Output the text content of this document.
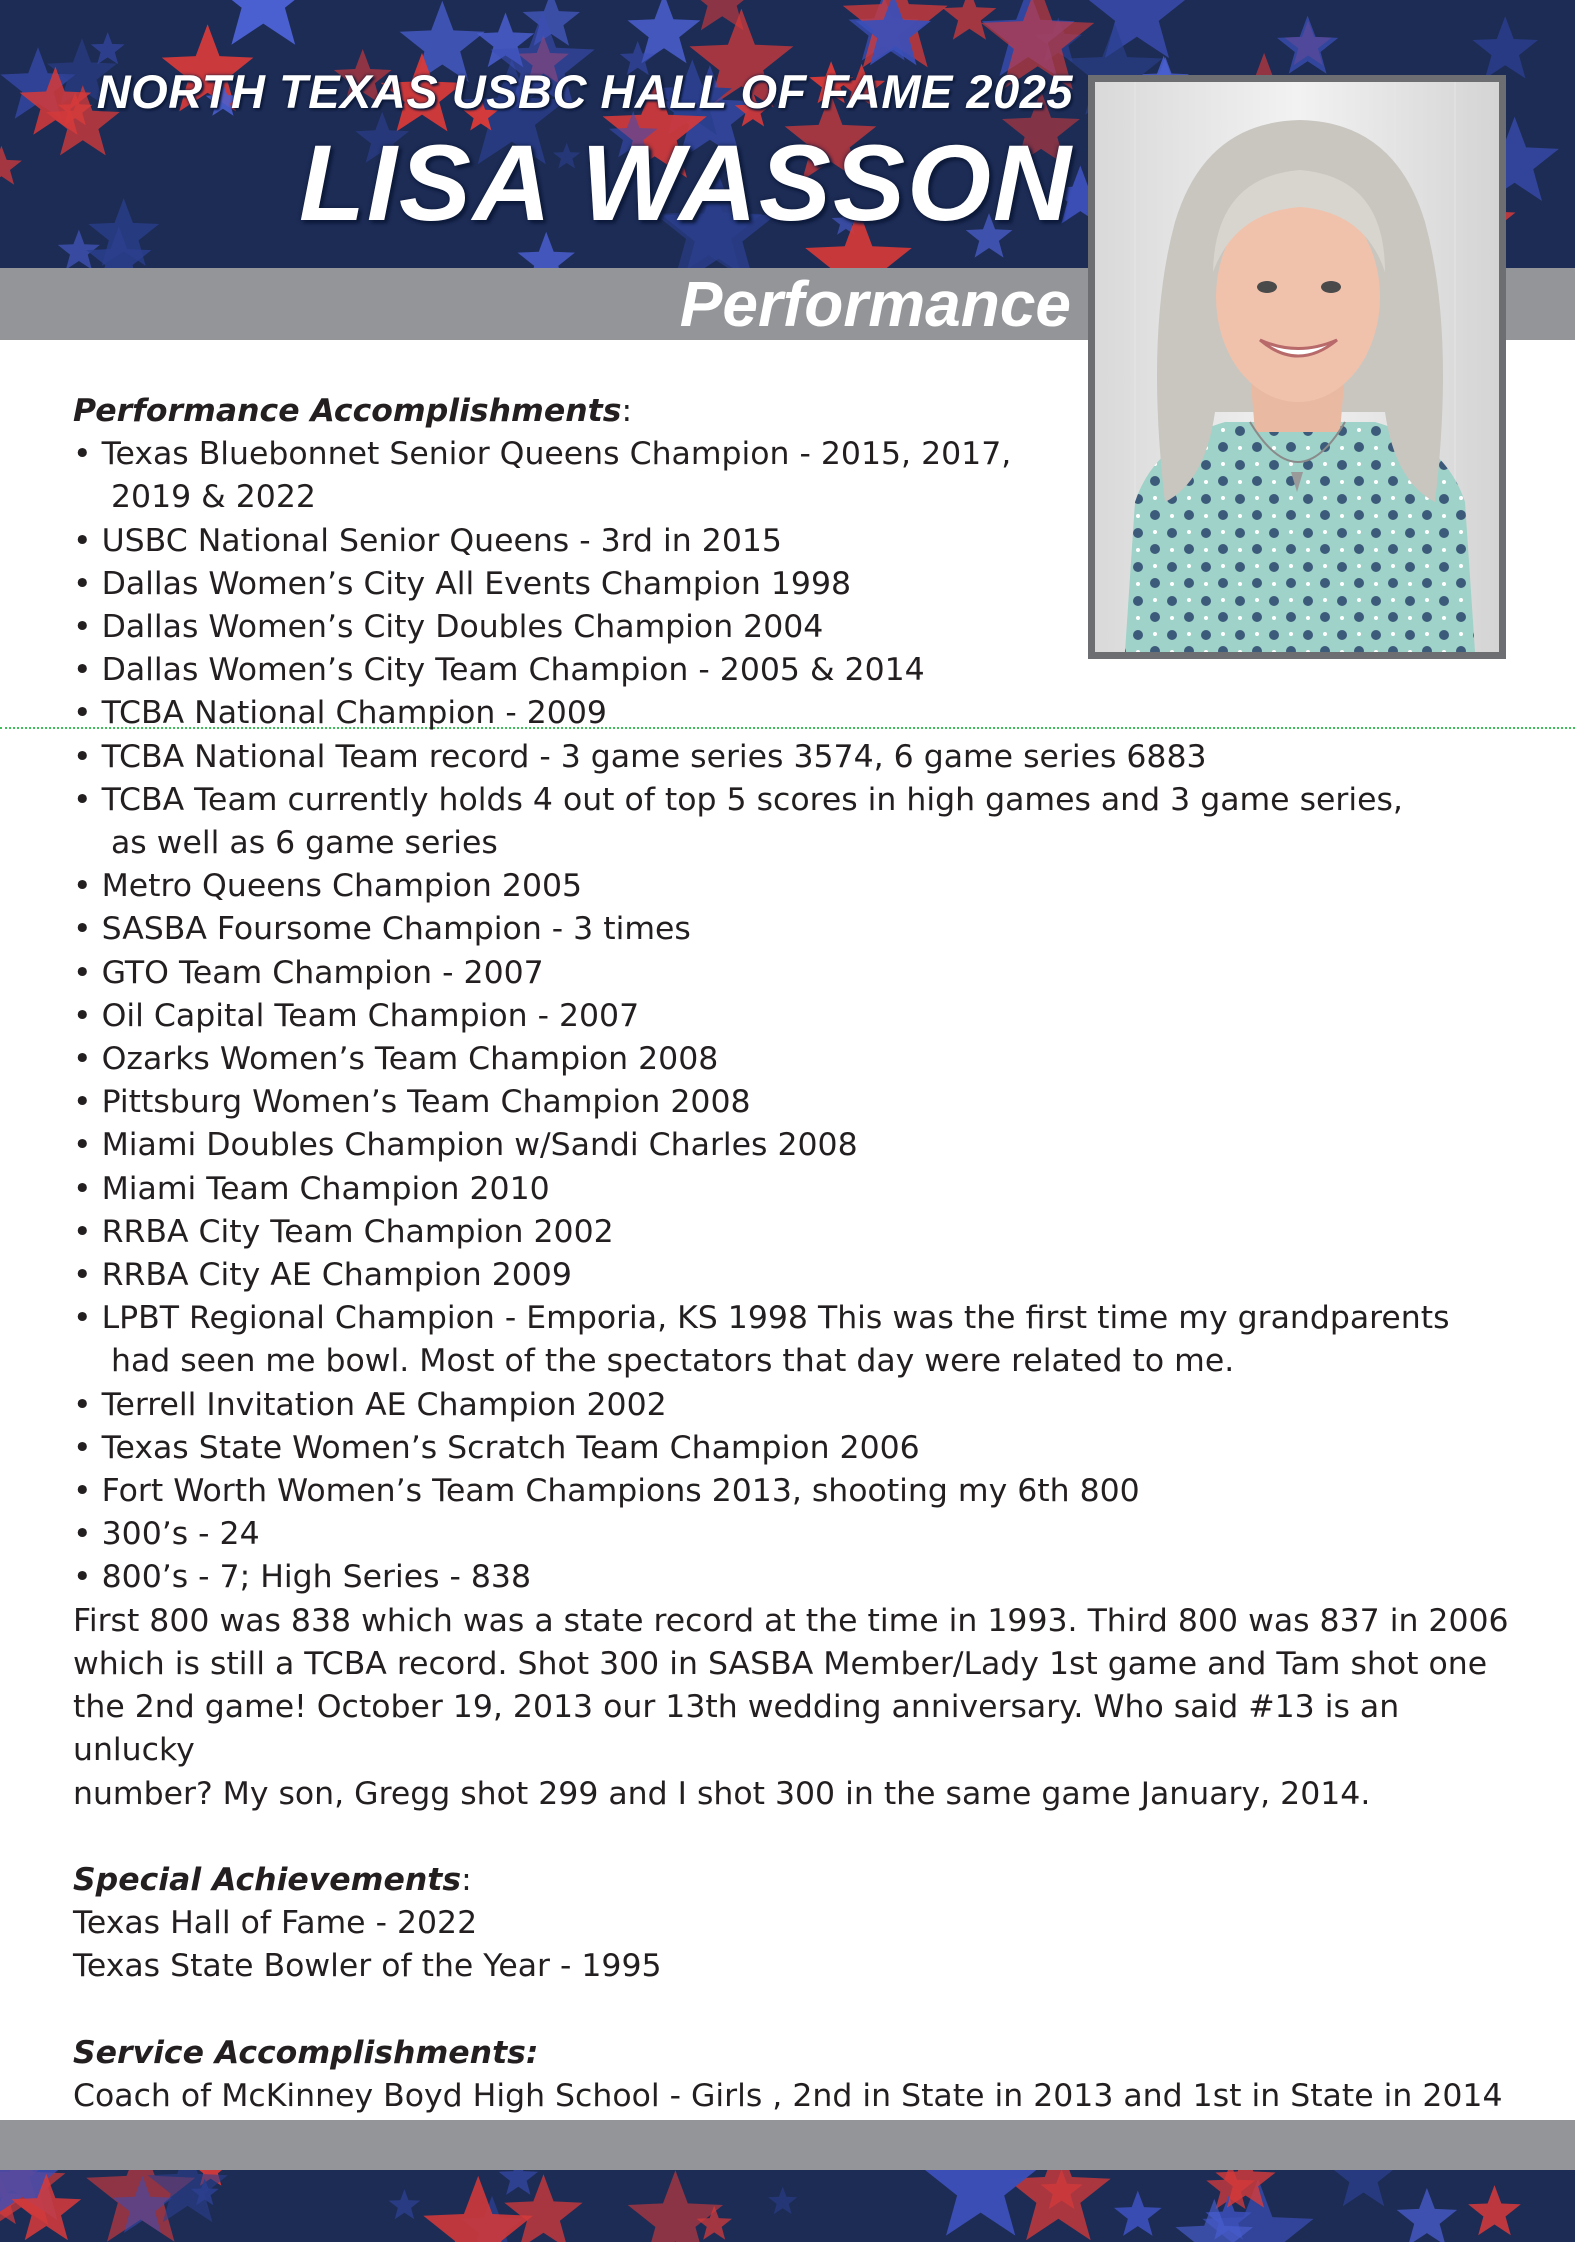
NORTH TEXAS USBC HALL OF FAME 2025
LISA WASSON
Performance
Performance Accomplishments:
• Texas Bluebonnet Senior Queens Champion - 2015, 2017,
2019 & 2022
• USBC National Senior Queens - 3rd in 2015
• Dallas Women’s City All Events Champion 1998
• Dallas Women’s City Doubles Champion 2004
• Dallas Women’s City Team Champion - 2005 & 2014
• TCBA National Champion - 2009
• TCBA National Team record - 3 game series 3574, 6 game series 6883
• TCBA Team currently holds 4 out of top 5 scores in high games and 3 game series,
as well as 6 game series
• Metro Queens Champion 2005
• SASBA Foursome Champion - 3 times
• GTO Team Champion - 2007
• Oil Capital Team Champion - 2007
• Ozarks Women’s Team Champion 2008
• Pittsburg Women’s Team Champion 2008
• Miami Doubles Champion w/Sandi Charles 2008
• Miami Team Champion 2010
• RRBA City Team Champion 2002
• RRBA City AE Champion 2009
• LPBT Regional Champion - Emporia, KS 1998 This was the first time my grandparents
had seen me bowl. Most of the spectators that day were related to me.
• Terrell Invitation AE Champion 2002
• Texas State Women’s Scratch Team Champion 2006
• Fort Worth Women’s Team Champions 2013, shooting my 6th 800
• 300’s - 24
• 800’s - 7; High Series - 838
First 800 was 838 which was a state record at the time in 1993. Third 800 was 837 in 2006
which is still a TCBA record. Shot 300 in SASBA Member/Lady 1st game and Tam shot one
the 2nd game! October 19, 2013 our 13th wedding anniversary. Who said #13 is an unlucky
number? My son, Gregg shot 299 and I shot 300 in the same game January, 2014.
Special Achievements:
Texas Hall of Fame - 2022
Texas State Bowler of the Year - 1995
Service Accomplishments:
Coach of McKinney Boyd High School - Girls , 2nd in State in 2013 and 1st in State in 2014
